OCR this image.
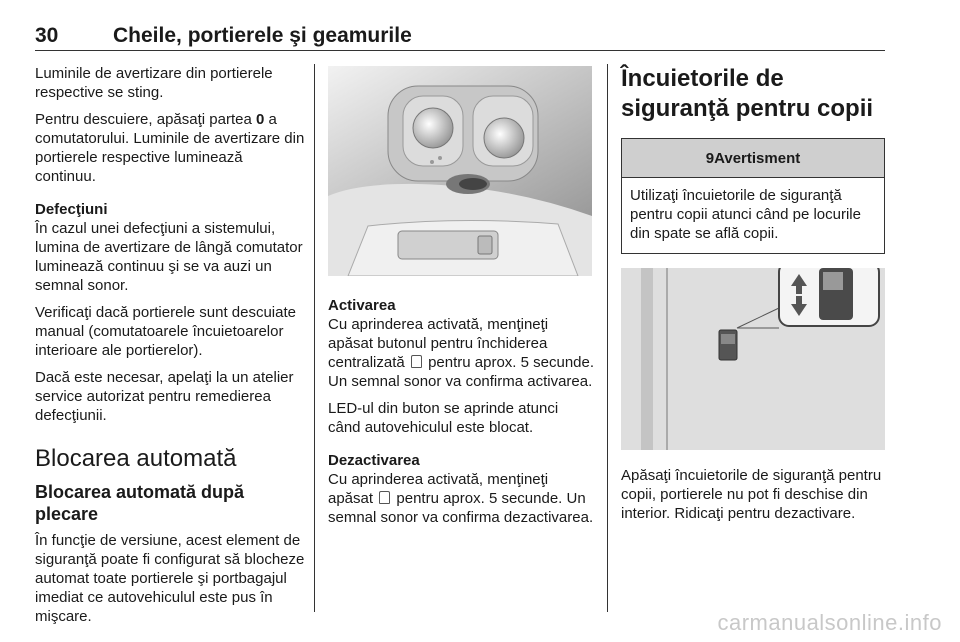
30	Cheile, portierele şi geamurile

Luminile de avertizare din portierele respective se sting.

Pentru descuiere, apăsaţi partea 0 a comutatorului. Luminile de avertizare din portierele respective luminează continuu.

Defecţiuni

În cazul unei defecţiuni a sistemului, lumina de avertizare de lângă comutator luminează continuu şi se va auzi un semnal sonor.

Verificaţi dacă portierele sunt descuiate manual (comutatoarele încuietoarelor interioare ale portierelor).

Dacă este necesar, apelaţi la un atelier service autorizat pentru remedierea defecţiunii.

Blocarea automată
Blocarea automată după plecare

În funcţie de versiune, acest element de siguranţă poate fi configurat să blocheze automat toate portierele şi portbagajul imediat ce autovehiculul este pus în mişcare.

Activarea

Cu aprinderea activată, menţineţi apăsat butonul pentru închiderea centralizată pentru aprox. 5 secunde. Un semnal sonor va confirma activarea.

LED-ul din buton se aprinde atunci când autovehiculul este blocat.

Dezactivarea

Cu aprinderea activată, menţineţi apăsat pentru aprox. 5 secunde. Un semnal sonor va confirma dezactivarea.

Încuietorile de siguranţă pentru copii
9 Avertisment
Utilizaţi încuietorile de siguranţă pentru copii atunci când pe locurile din spate se află copii.

Apăsaţi încuietorile de siguranţă pentru copii, portierele nu pot fi deschise din interior. Ridicaţi pentru dezactivare.

carmanualsonline.info
